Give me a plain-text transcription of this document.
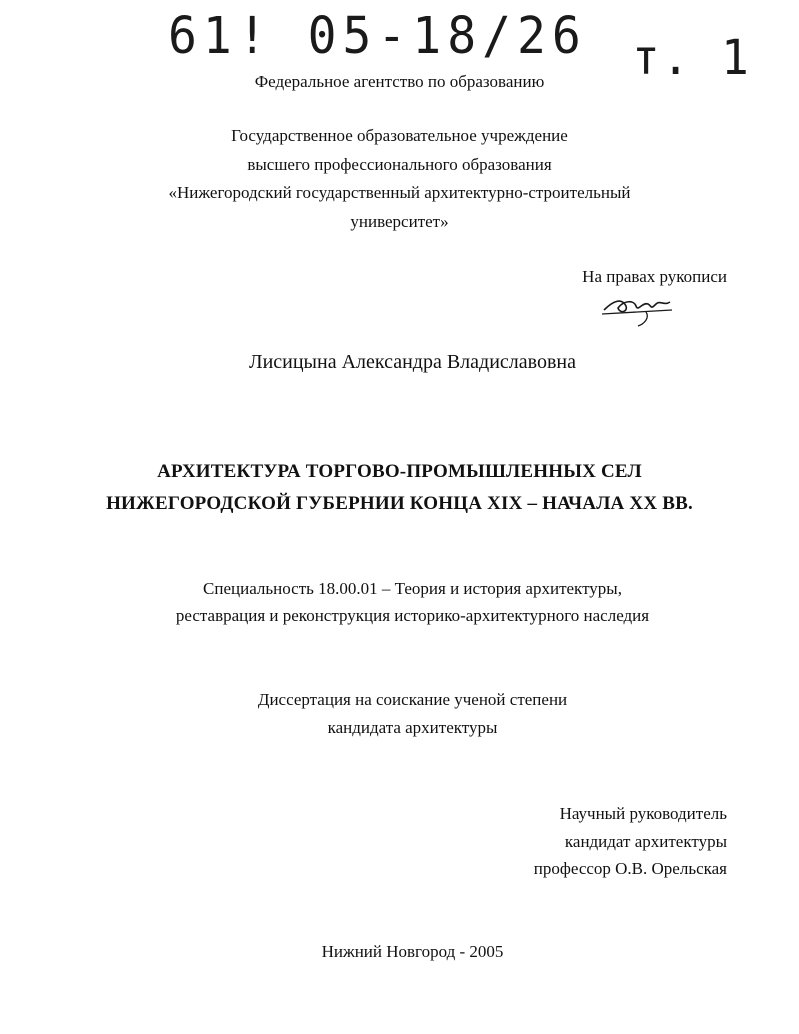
61! 05-18/26 т. 1
Федеральное агентство по образованию
Государственное образовательное учреждение
высшего профессионального образования
«Нижегородский государственный архитектурно-строительный
университет»
На правах рукописи
Лисицына Александра Владиславовна
АРХИТЕКТУРА ТОРГОВО-ПРОМЫШЛЕННЫХ СЕЛ
НИЖЕГОРОДСКОЙ ГУБЕРНИИ КОНЦА XIX – НАЧАЛА XX ВВ.
Специальность 18.00.01 – Теория и история архитектуры,
реставрация и реконструкция историко-архитектурного наследия
Диссертация на соискание ученой степени
кандидата архитектуры
Научный руководитель
кандидат архитектуры
профессор О.В. Орельская
Нижний Новгород - 2005
